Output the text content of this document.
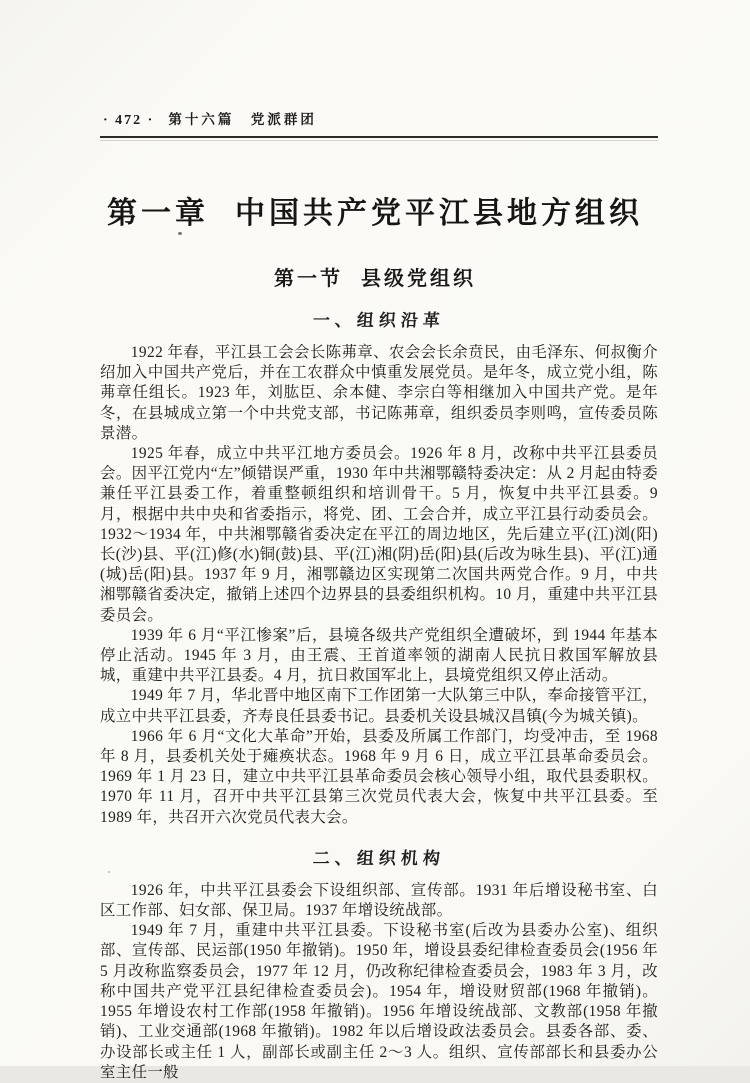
· 472 · 第十六篇　党派群团
第一章 中国共产党平江县地方组织
第一节 县级党组织
一、组织沿革

1922 年春，平江县工会会长陈茀章、农会会长余贲民，由毛泽东、何叔衡介绍加入中国共产党后，并在工农群众中慎重发展党员。是年冬，成立党小组，陈茀章任组长。1923 年，刘肱臣、余本健、李宗白等相继加入中国共产党。是年冬，在县城成立第一个中共党支部，书记陈茀章，组织委员李则鸣，宣传委员陈景潜。

1925 年春，成立中共平江地方委员会。1926 年 8 月，改称中共平江县委员会。因平江党内“左”倾错误严重，1930 年中共湘鄂赣特委决定：从 2 月起由特委兼任平江县委工作，着重整顿组织和培训骨干。5 月，恢复中共平江县委。9 月，根据中共中央和省委指示，将党、团、工会合并，成立平江县行动委员会。1932～1934 年，中共湘鄂赣省委决定在平江的周边地区，先后建立平(江)浏(阳)长(沙)县、平(江)修(水)铜(鼓)县、平(江)湘(阴)岳(阳)县(后改为咏生县)、平(江)通(城)岳(阳)县。1937 年 9 月，湘鄂赣边区实现第二次国共两党合作。9 月，中共湘鄂赣省委决定，撤销上述四个边界县的县委组织机构。10 月，重建中共平江县委员会。

1939 年 6 月“平江惨案”后，县境各级共产党组织全遭破坏，到 1944 年基本停止活动。1945 年 3 月，由王震、王首道率领的湖南人民抗日救国军解放县城，重建中共平江县委。4 月，抗日救国军北上，县境党组织又停止活动。

1949 年 7 月，华北晋中地区南下工作团第一大队第三中队，奉命接管平江，成立中共平江县委，齐寿良任县委书记。县委机关设县城汉昌镇(今为城关镇)。

1966 年 6 月“文化大革命”开始，县委及所属工作部门，均受冲击，至 1968 年 8 月，县委机关处于瘫痪状态。1968 年 9 月 6 日，成立平江县革命委员会。1969 年 1 月 23 日，建立中共平江县革命委员会核心领导小组，取代县委职权。1970 年 11 月，召开中共平江县第三次党员代表大会，恢复中共平江县委。至 1989 年，共召开六次党员代表大会。

二、组织机构

1926 年，中共平江县委会下设组织部、宣传部。1931 年后增设秘书室、白区工作部、妇女部、保卫局。1937 年增设统战部。

1949 年 7 月，重建中共平江县委。下设秘书室(后改为县委办公室)、组织部、宣传部、民运部(1950 年撤销)。1950 年，增设县委纪律检查委员会(1956 年 5 月改称监察委员会，1977 年 12 月，仍改称纪律检查委员会，1983 年 3 月，改称中国共产党平江县纪律检查委员会)。1954 年，增设财贸部(1968 年撤销)。1955 年增设农村工作部(1958 年撤销)。1956 年增设统战部、文教部(1958 年撤销)、工业交通部(1968 年撤销)。1982 年以后增设政法委员会。县委各部、委、办设部长或主任 1 人，副部长或副主任 2～3 人。组织、宣传部部长和县委办公室主任一般
